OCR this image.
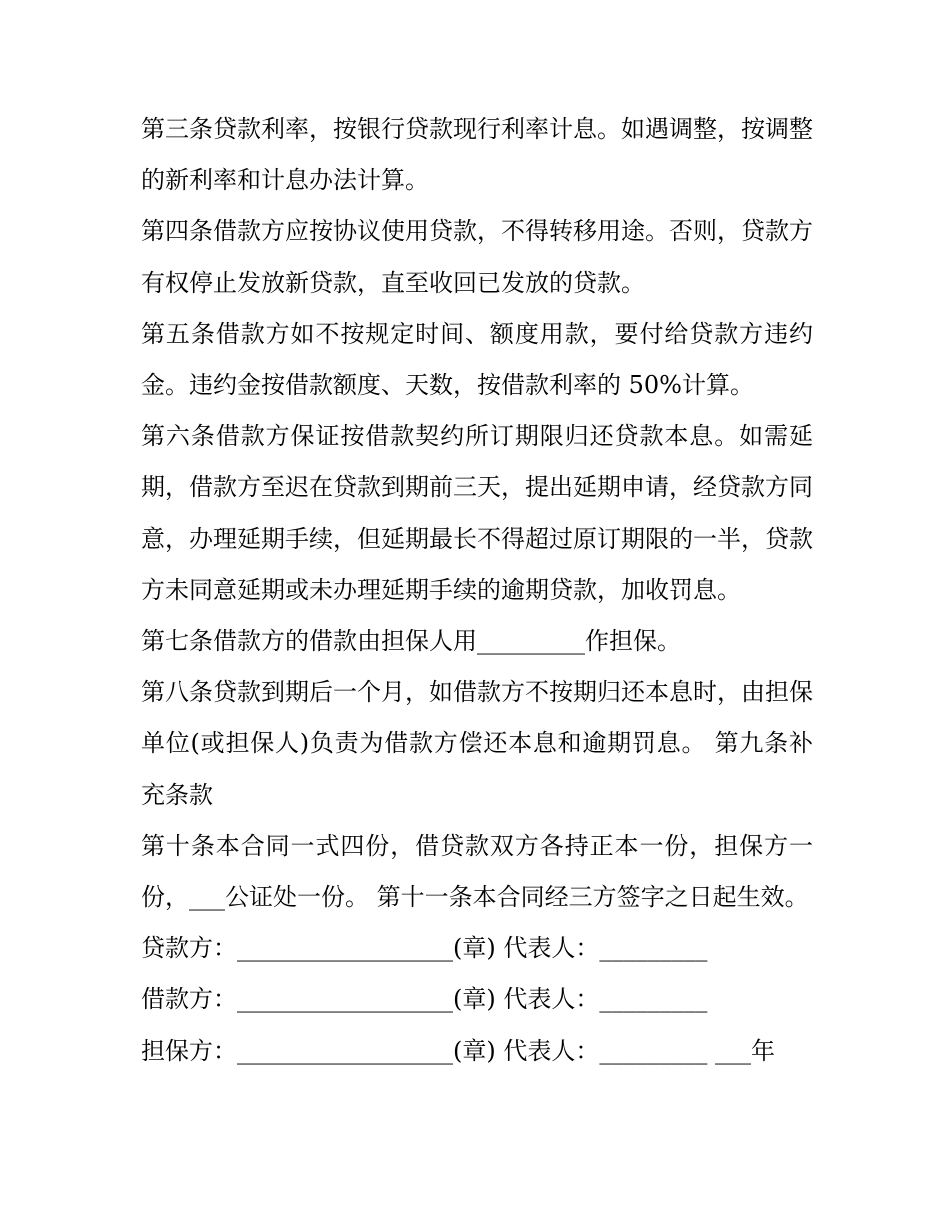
第三条贷款利率，按银行贷款现行利率计息。如遇调整，按调整的新利率和计息办法计算。

第四条借款方应按协议使用贷款，不得转移用途。否则，贷款方有权停止发放新贷款，直至收回已发放的贷款。

第五条借款方如不按规定时间、额度用款，要付给贷款方违约金。违约金按借款额度、天数，按借款利率的 50%计算。

第六条借款方保证按借款契约所订期限归还贷款本息。如需延期，借款方至迟在贷款到期前三天，提出延期申请，经贷款方同意，办理延期手续，但延期最长不得超过原订期限的一半，贷款方未同意延期或未办理延期手续的逾期贷款，加收罚息。

第七条借款方的借款由担保人用_________作担保。

第八条贷款到期后一个月，如借款方不按期归还本息时，由担保单位(或担保人)负责为借款方偿还本息和逾期罚息。 第九条补充条款

第十条本合同一式四份，借贷款双方各持正本一份，担保方一份，___公证处一份。 第十一条本合同经三方签字之日起生效。

贷款方：__________________(章) 代表人：_________

借款方：__________________(章) 代表人：_________

担保方：__________________(章) 代表人：_________ ___年
